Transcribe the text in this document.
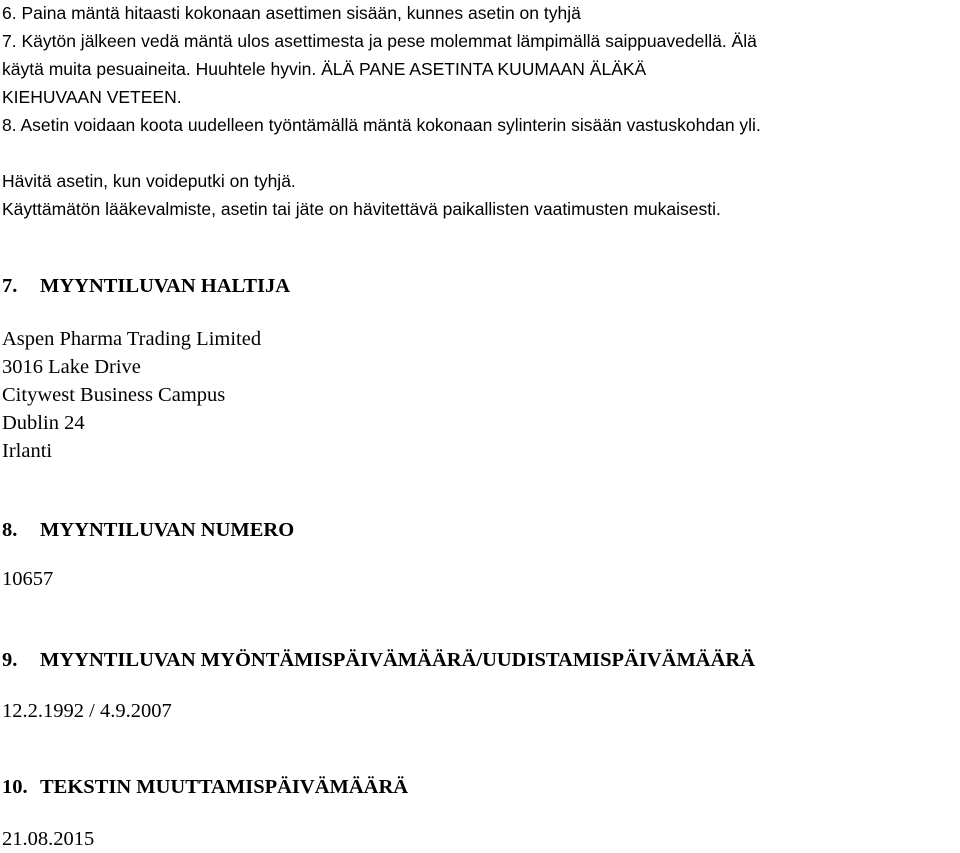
6. Paina mäntä hitaasti kokonaan asettimen sisään, kunnes asetin on tyhjä
7. Käytön jälkeen vedä mäntä ulos asettimesta ja pese molemmat lämpimällä saippuavedellä. Älä
käytä muita pesuaineita. Huuhtele hyvin. ÄLÄ PANE ASETINTA KUUMAAN ÄLÄKÄ
KIEHUVAAN VETEEN.
8. Asetin voidaan koota uudelleen työntämällä mäntä kokonaan sylinterin sisään vastuskohdan yli.
Hävitä asetin, kun voideputki on tyhjä.
Käyttämätön lääkevalmiste, asetin tai jäte on hävitettävä paikallisten vaatimusten mukaisesti.
7. MYYNTILUVAN HALTIJA
Aspen Pharma Trading Limited
3016 Lake Drive
Citywest Business Campus
Dublin 24
Irlanti
8. MYYNTILUVAN NUMERO
10657
9. MYYNTILUVAN MYÖNTÄMISPÄIVÄMÄÄRÄ/UUDISTAMISPÄIVÄMÄÄRÄ
12.2.1992 / 4.9.2007
10. TEKSTIN MUUTTAMISPÄIVÄMÄÄRÄ
21.08.2015
